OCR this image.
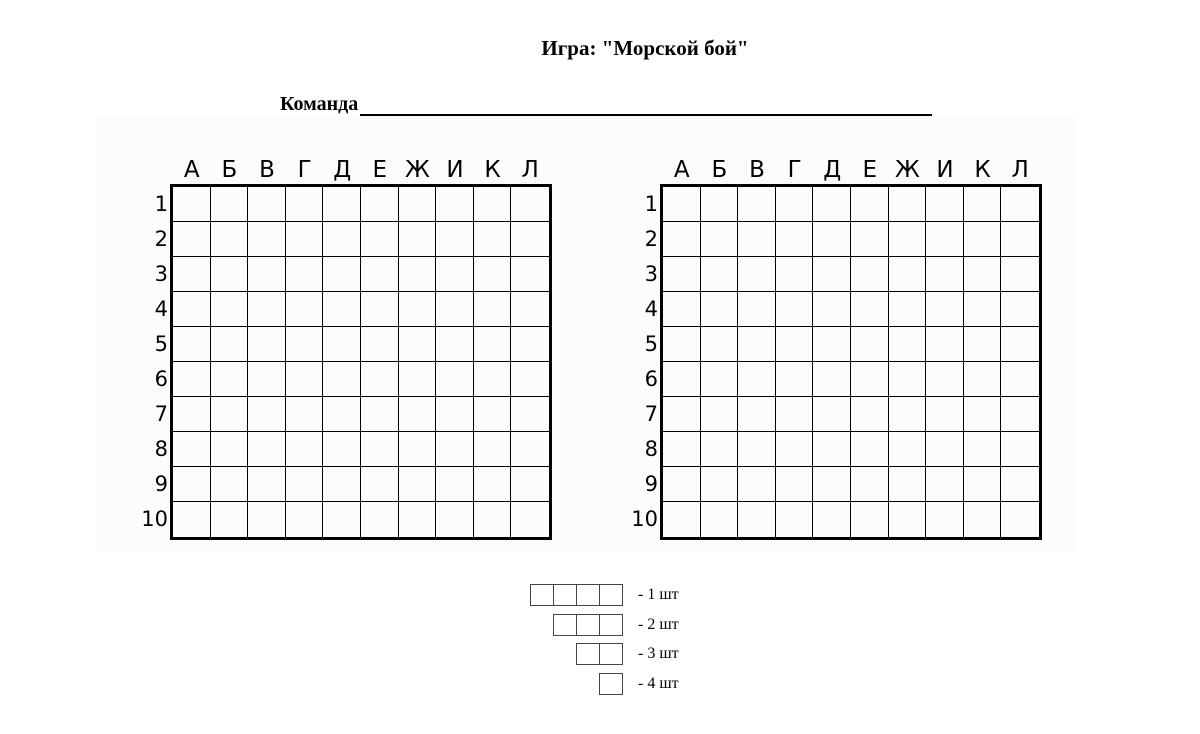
Игра: "Морской бой"
Команда
А Б В Г Д Е Ж И К Л
1
2
3
4
5
6
7
8
9
10
А Б В Г Д Е Ж И К Л
1
2
3
4
5
6
7
8
9
10
- 1 шт
- 2 шт
- 3 шт
- 4 шт
